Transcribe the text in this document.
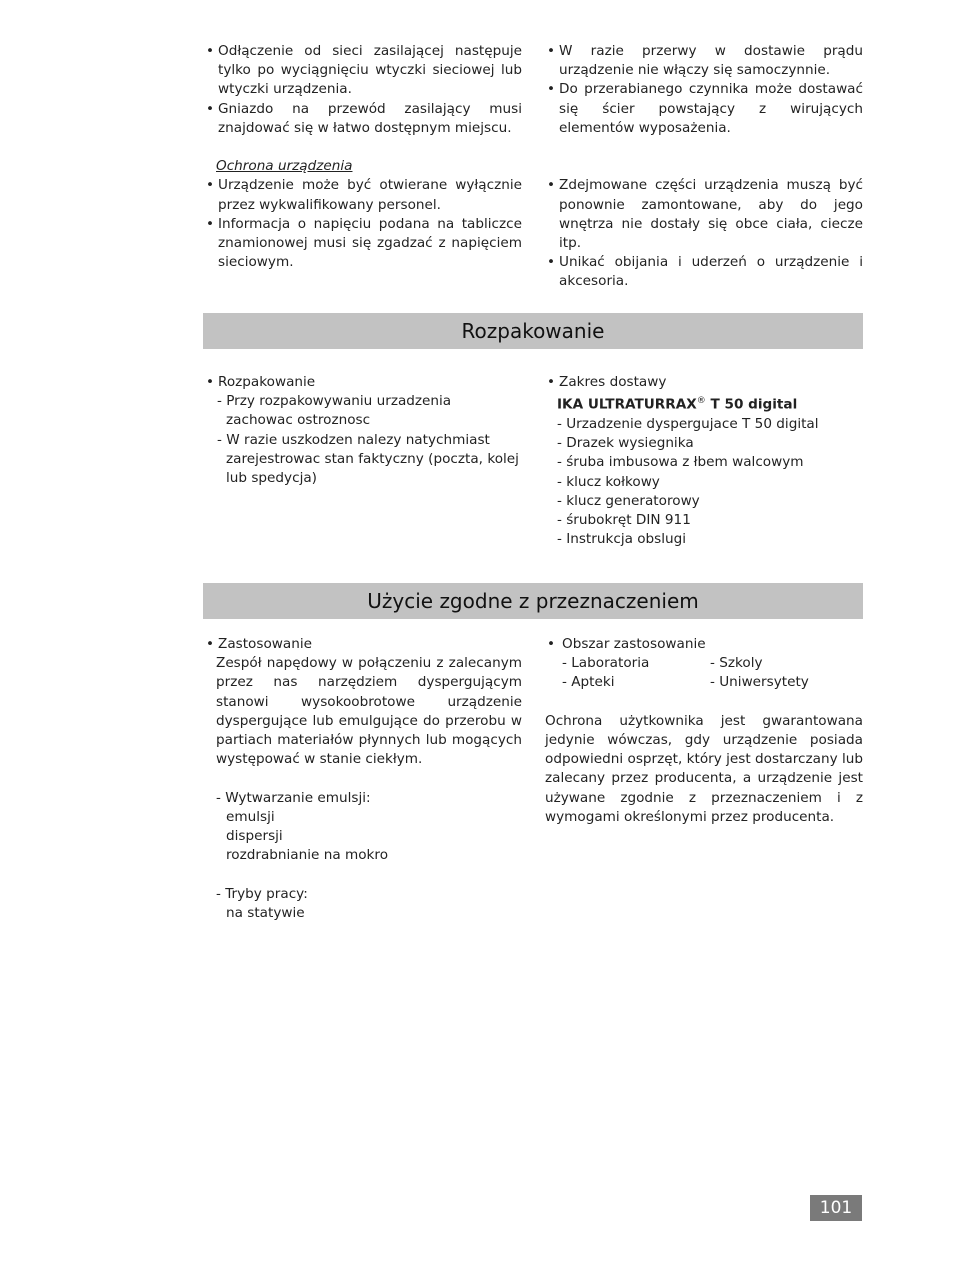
• Odłączenie od sieci zasilającej następuje tylko po wyciągnięciu wtyczki sieciowej lub wtyczki urządzenia.
• Gniazdo na przewód zasilający musi znajdować się w łatwo dostępnym miejscu.
Ochrona urządzenia
• Urządzenie może być otwierane wyłącznie przez wykwalifikowany personel.
• Informacja o napięciu podana na tabliczce znamionowej musi się zgadzać z napięciem sieciowym.
• W razie przerwy w dostawie prądu urządzenie nie włączy się samoczynnie.
• Do przerabianego czynnika może dostawać się ścier powstający z wirujących elementów wyposażenia.
• Zdejmowane części urządzenia muszą być ponownie zamontowane, aby do jego wnętrza nie dostały się obce ciała, ciecze itp.
• Unikać obijania i uderzeń o urządzenie i akcesoria.
Rozpakowanie
• Rozpakowanie
- Przy rozpakowywaniu urzadzenia zachowac ostroznosc
- W razie uszkodzen nalezy natychmiast zarejestrowac stan faktyczny (poczta, kolej lub spedycja)
• Zakres dostawy
IKA ULTRATURRAX® T 50 digital
- Urzadzenie dyspergujace T 50 digital
- Drazek wysiegnika
- śruba imbusowa z łbem walcowym
- klucz kołkowy
- klucz generatorowy
- śrubokręt DIN 911
- Instrukcja obslugi
Użycie zgodne z przeznaczeniem
• Zastosowanie
Zespół napędowy w połączeniu z zalecanym przez nas narzędziem dyspergującym stanowi wysokoobrotowe urządzenie dyspergujące lub emulgujące do przerobu w partiach materiałów płynnych lub mogących występować w stanie ciekłym.
- Wytwarzanie emulsji:
emulsji
dispersji
rozdrabnianie na mokro
- Tryby pracy:
na statywie
• Obszar zastosowanie
- Laboratoria	- Szkoly
- Apteki	- Uniwersytety
Ochrona użytkownika jest gwarantowana jedynie wówczas, gdy urządzenie posiada odpowiedni osprzęt, który jest dostarczany lub zalecany przez producenta, a urządzenie jest używane zgodnie z przeznaczeniem i z wymogami określonymi przez producenta.
101
